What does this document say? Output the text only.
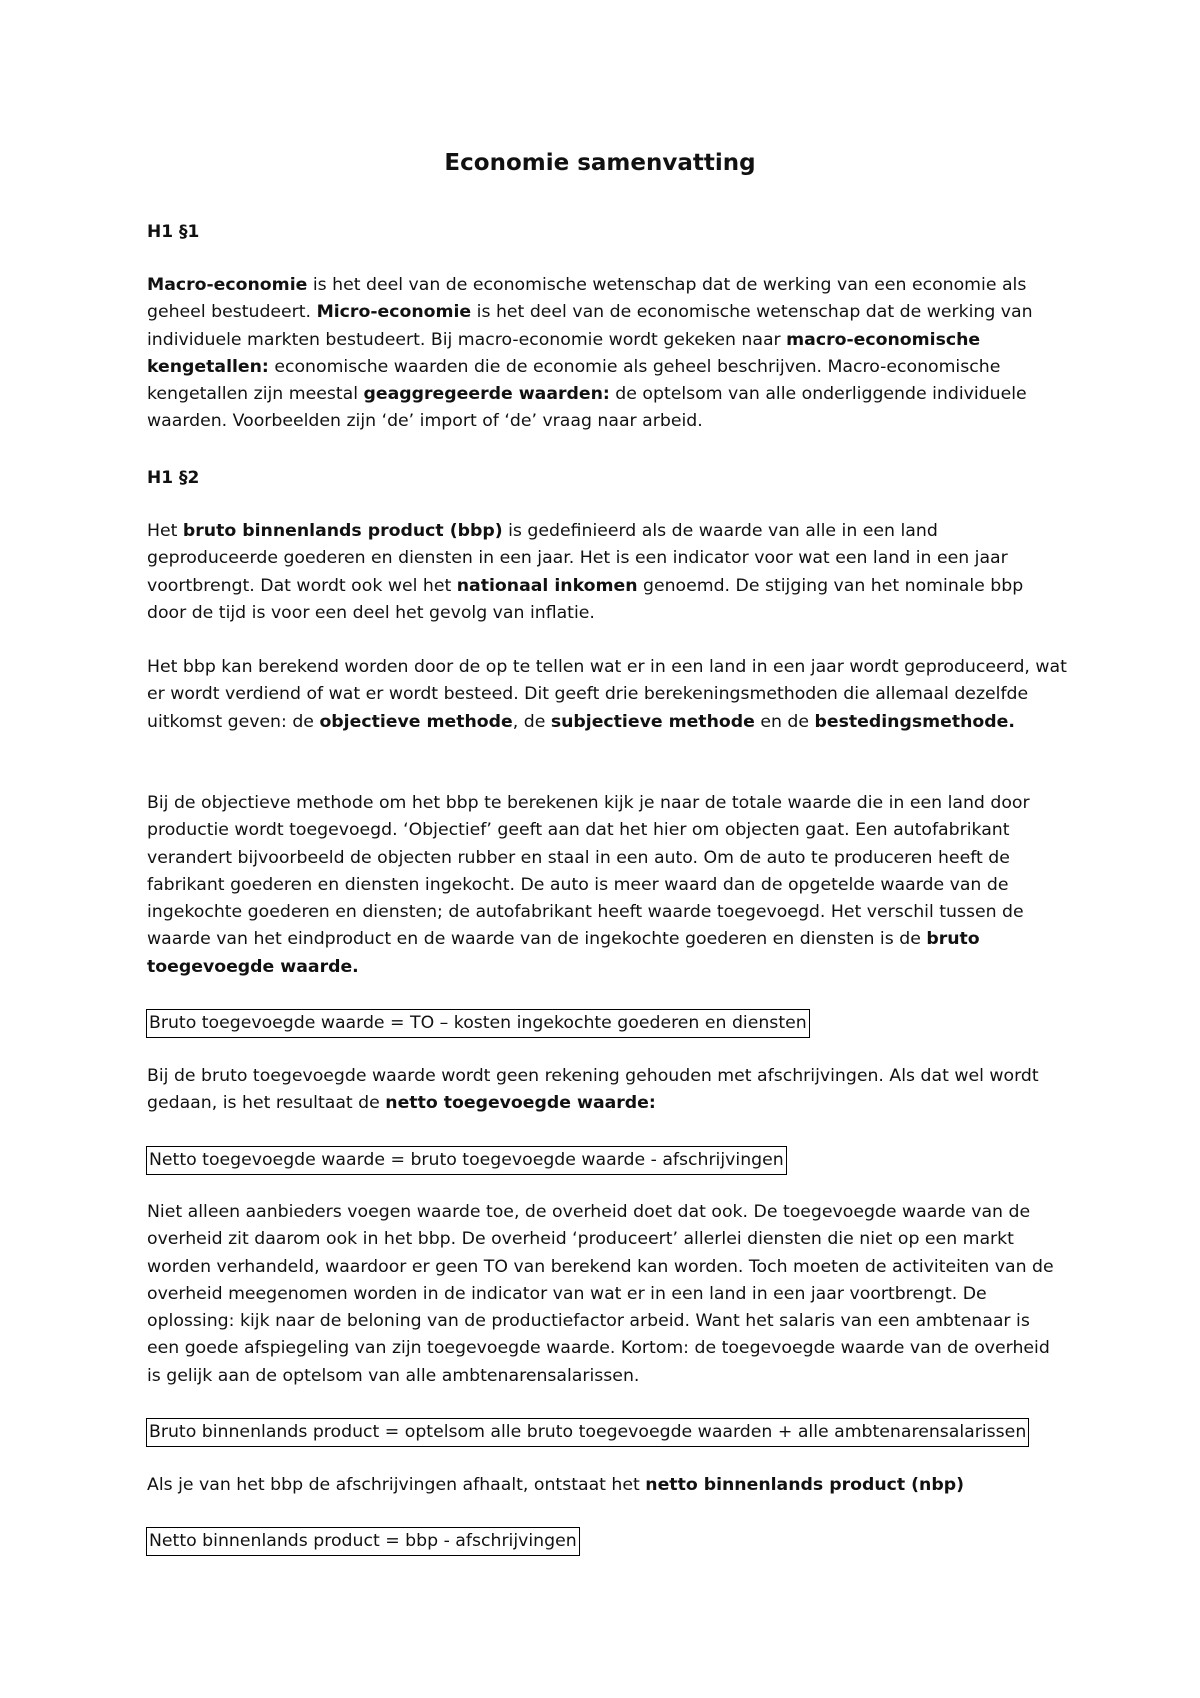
Economie samenvatting
H1 §1

Macro-economie is het deel van de economische wetenschap dat de werking van een economie als geheel bestudeert. Micro-economie is het deel van de economische wetenschap dat de werking van individuele markten bestudeert. Bij macro-economie wordt gekeken naar macro-economische kengetallen: economische waarden die de economie als geheel beschrijven. Macro-economische kengetallen zijn meestal geaggregeerde waarden: de optelsom van alle onderliggende individuele waarden. Voorbeelden zijn ‘de’ import of ‘de’ vraag naar arbeid.

H1 §2

Het bruto binnenlands product (bbp) is gedefinieerd als de waarde van alle in een land geproduceerde goederen en diensten in een jaar. Het is een indicator voor wat een land in een jaar voortbrengt. Dat wordt ook wel het nationaal inkomen genoemd. De stijging van het nominale bbp door de tijd is voor een deel het gevolg van inflatie.

Het bbp kan berekend worden door de op te tellen wat er in een land in een jaar wordt geproduceerd, wat er wordt verdiend of wat er wordt besteed. Dit geeft drie berekeningsmethoden die allemaal dezelfde uitkomst geven: de objectieve methode, de subjectieve methode en de bestedingsmethode.

Bij de objectieve methode om het bbp te berekenen kijk je naar de totale waarde die in een land door productie wordt toegevoegd. ‘Objectief’ geeft aan dat het hier om objecten gaat. Een autofabrikant verandert bijvoorbeeld de objecten rubber en staal in een auto. Om de auto te produceren heeft de fabrikant goederen en diensten ingekocht. De auto is meer waard dan de opgetelde waarde van de ingekochte goederen en diensten; de autofabrikant heeft waarde toegevoegd. Het verschil tussen de waarde van het eindproduct en de waarde van de ingekochte goederen en diensten is de bruto toegevoegde waarde.

Bruto toegevoegde waarde = TO – kosten ingekochte goederen en diensten

Bij de bruto toegevoegde waarde wordt geen rekening gehouden met afschrijvingen. Als dat wel wordt gedaan, is het resultaat de netto toegevoegde waarde:

Netto toegevoegde waarde = bruto toegevoegde waarde - afschrijvingen

Niet alleen aanbieders voegen waarde toe, de overheid doet dat ook. De toegevoegde waarde van de overheid zit daarom ook in het bbp. De overheid ‘produceert’ allerlei diensten die niet op een markt worden verhandeld, waardoor er geen TO van berekend kan worden. Toch moeten de activiteiten van de overheid meegenomen worden in de indicator van wat er in een land in een jaar voortbrengt. De oplossing: kijk naar de beloning van de productiefactor arbeid. Want het salaris van een ambtenaar is een goede afspiegeling van zijn toegevoegde waarde. Kortom: de toegevoegde waarde van de overheid is gelijk aan de optelsom van alle ambtenarensalarissen.

Bruto binnenlands product = optelsom alle bruto toegevoegde waarden + alle ambtenarensalarissen

Als je van het bbp de afschrijvingen afhaalt, ontstaat het netto binnenlands product (nbp)

Netto binnenlands product = bbp - afschrijvingen
